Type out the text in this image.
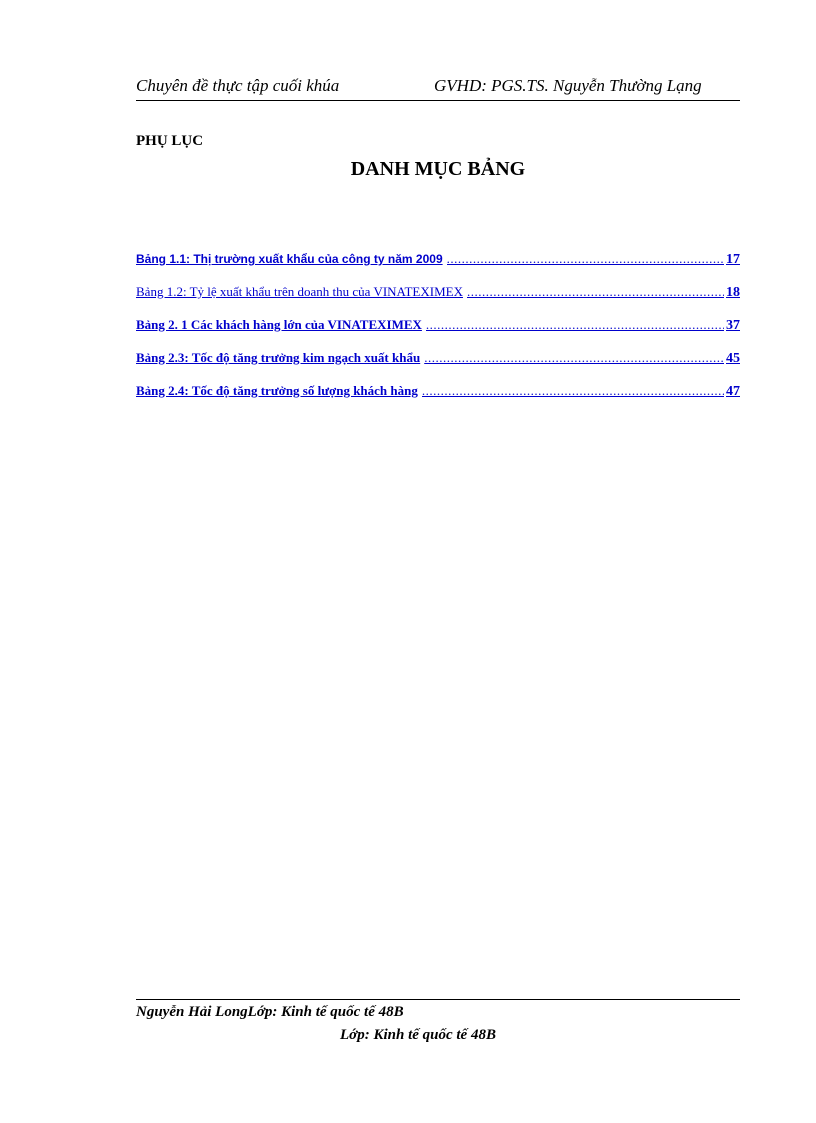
Chuyên đề thực tập cuối khúa	GVHD: PGS.TS. Nguyễn Thường Lạng
PHỤ LỤC
DANH MỤC BẢNG
Bảng 1.1: Thị trường xuất khẩu của công ty năm 2009 .....	17
Bảng 1.2: Tỷ lệ xuất khẩu trên doanh thu của VINATEXIMEX .....	18
Bảng 2. 1 Các khách hàng lớn của VINATEXIMEX .....	37
Bảng 2.3: Tốc độ tăng trưởng kim ngạch xuất khẩu .....	45
Bảng 2.4: Tốc độ tăng trưởng số lượng khách hàng .....	47
Nguyễn Hải LongLớp: Kinh tế quốc tế 48B
Lớp: Kinh tế quốc tế 48B
